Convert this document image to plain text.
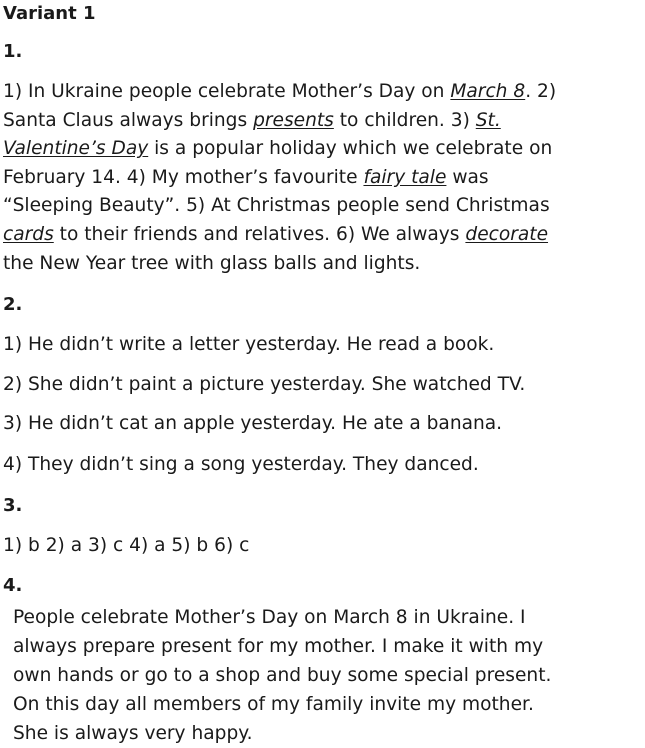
Variant 1
1.
1) In Ukraine people celebrate Mother’s Day on March 8. 2)
Santa Claus always brings presents to children. 3) St.
Valentine’s Day is a popular holiday which we celebrate on
February 14. 4) My mother’s favourite fairy tale was
“Sleeping Beauty”. 5) At Christmas people send Christmas
cards to their friends and relatives. 6) We always decorate
the New Year tree with glass balls and lights.
2.
1) He didn’t write a letter yesterday. He read a book.
2) She didn’t paint a picture yesterday. She watched TV.
3) He didn’t cat an apple yesterday. He ate a banana.
4) They didn’t sing a song yesterday. They danced.
3.
1) b 2) a 3) c 4) a 5) b 6) c
4.
People celebrate Mother’s Day on March 8 in Ukraine. I
always prepare present for my mother. I make it with my
own hands or go to a shop and buy some special present.
On this day all members of my family invite my mother.
She is always very happy.
